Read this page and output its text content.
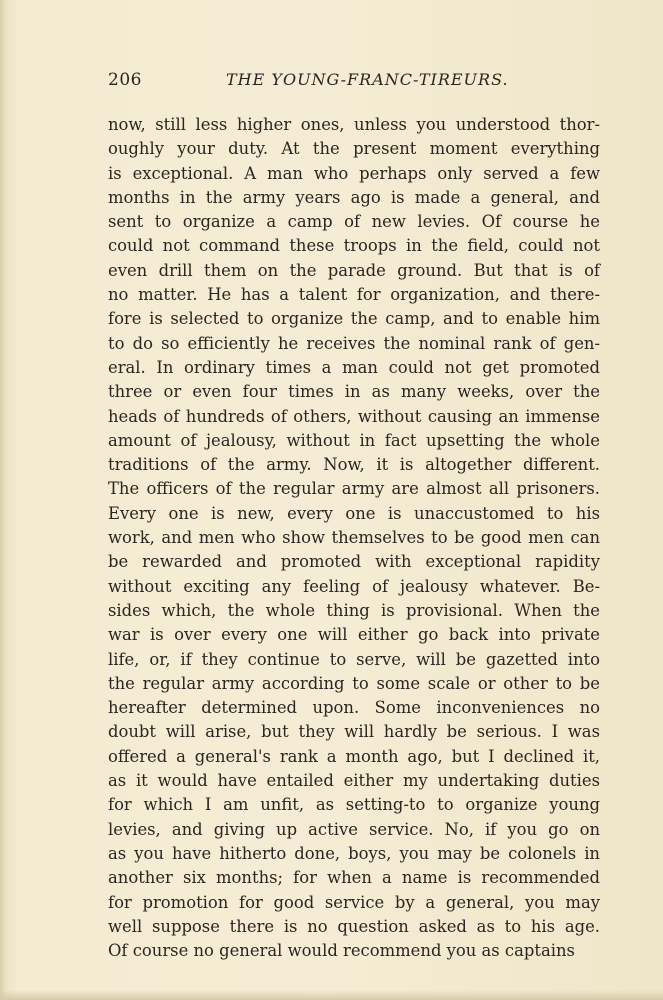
206	THE YOUNG-FRANC-TIREURS.
now, still less higher ones, unless you understood thor-
oughly your duty. At the present moment everything
is exceptional. A man who perhaps only served a few
months in the army years ago is made a general, and
sent to organize a camp of new levies. Of course he
could not command these troops in the field, could not
even drill them on the parade ground. But that is of
no matter. He has a talent for organization, and there-
fore is selected to organize the camp, and to enable him
to do so efficiently he receives the nominal rank of gen-
eral. In ordinary times a man could not get promoted
three or even four times in as many weeks, over the
heads of hundreds of others, without causing an immense
amount of jealousy, without in fact upsetting the whole
traditions of the army. Now, it is altogether different.
The officers of the regular army are almost all prisoners.
Every one is new, every one is unaccustomed to his
work, and men who show themselves to be good men can
be rewarded and promoted with exceptional rapidity
without exciting any feeling of jealousy whatever. Be-
sides which, the whole thing is provisional. When the
war is over every one will either go back into private
life, or, if they continue to serve, will be gazetted into
the regular army according to some scale or other to be
hereafter determined upon. Some inconveniences no
doubt will arise, but they will hardly be serious. I was
offered a general's rank a month ago, but I declined it,
as it would have entailed either my undertaking duties
for which I am unfit, as setting-to to organize young
levies, and giving up active service. No, if you go on
as you have hitherto done, boys, you may be colonels in
another six months; for when a name is recommended
for promotion for good service by a general, you may
well suppose there is no question asked as to his age.
Of course no general would recommend you as captains
